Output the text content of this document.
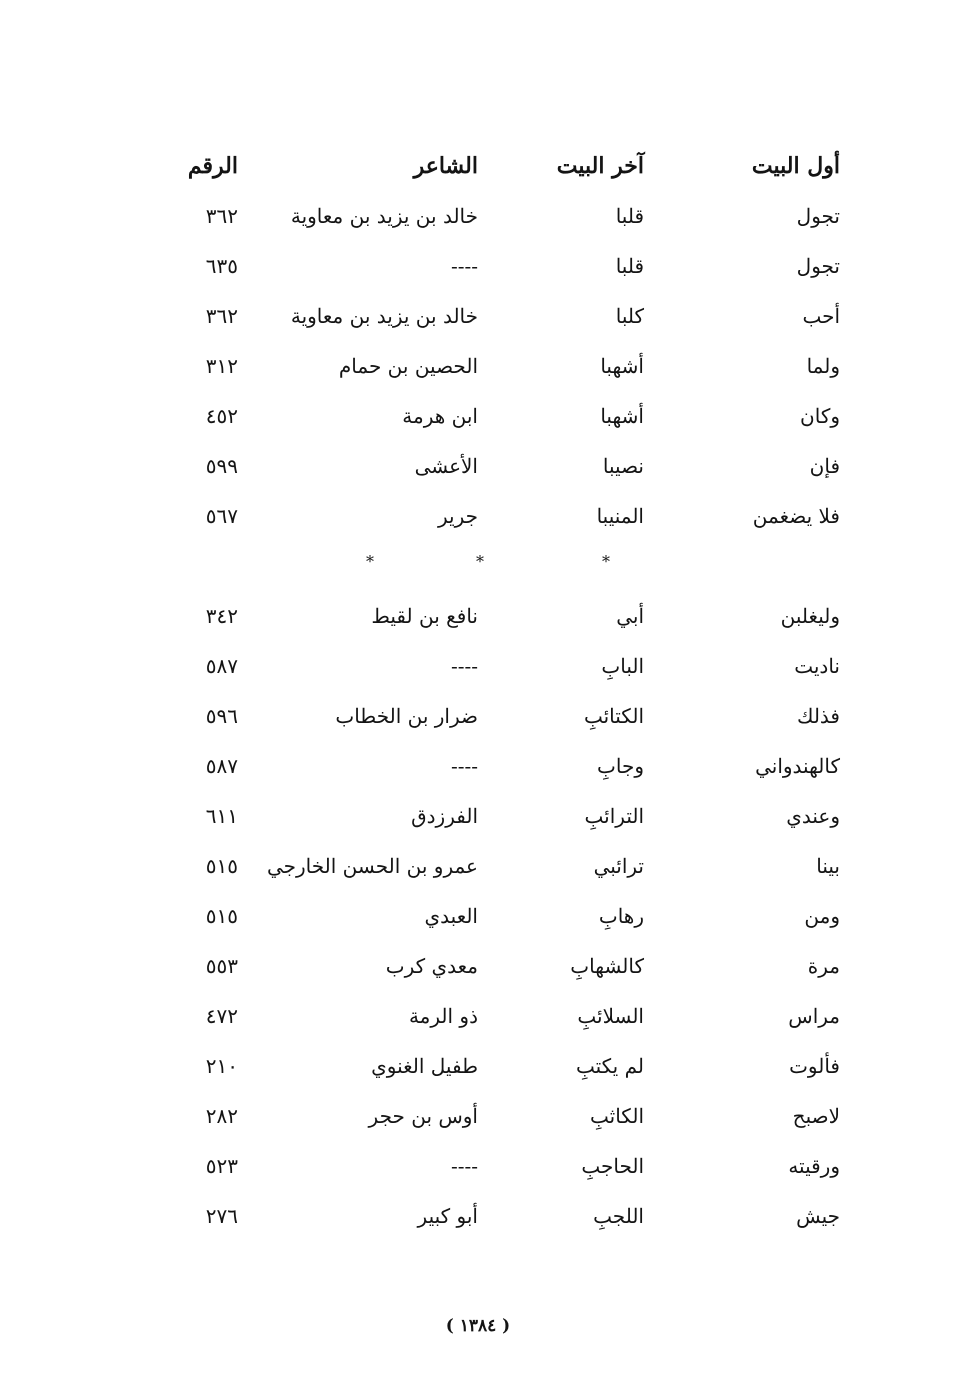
أول البيت
آخر البيت
الشاعر
الرقم
تجول
قلبا
خالد بن يزيد بن معاوية
٣٦٢
تجول
قلبا
----
٦٣٥
أحب
كلبا
خالد بن يزيد بن معاوية
٣٦٢
ولما
أشهبا
الحصين بن حمام
٣١٢
وكان
أشهبا
ابن هرمة
٤٥٢
فإن
نصيبا
الأعشى
٥٩٩
فلا يضغمن
المنيبا
جرير
٥٦٧
*
*
*
وليغلبن
أبي
نافع بن لقيط
٣٤٢
ناديت
البابِ
----
٥٨٧
فذلك
الكتائبِ
ضرار بن الخطاب
٥٩٦
كالهندواني
وجابِ
----
٥٨٧
وعندي
الترائبِ
الفرزدق
٦١١
بينا
ترائبي
عمرو بن الحسن الخارجي
٥١٥
ومن
رهابِ
العبدي
٥١٥
مرة
كالشهابِ
معدي كرب
٥٥٣
مراس
السلائبِ
ذو الرمة
٤٧٢
فألوت
لم يكتبِ
طفيل الغنوي
٢١٠
لاصبح
الكاثبِ
أوس بن حجر
٢٨٢
ورقيته
الحاجبِ
----
٥٢٣
جيش
اللجبِ
أبو كبير
٢٧٦
( ١٣٨٤ )
